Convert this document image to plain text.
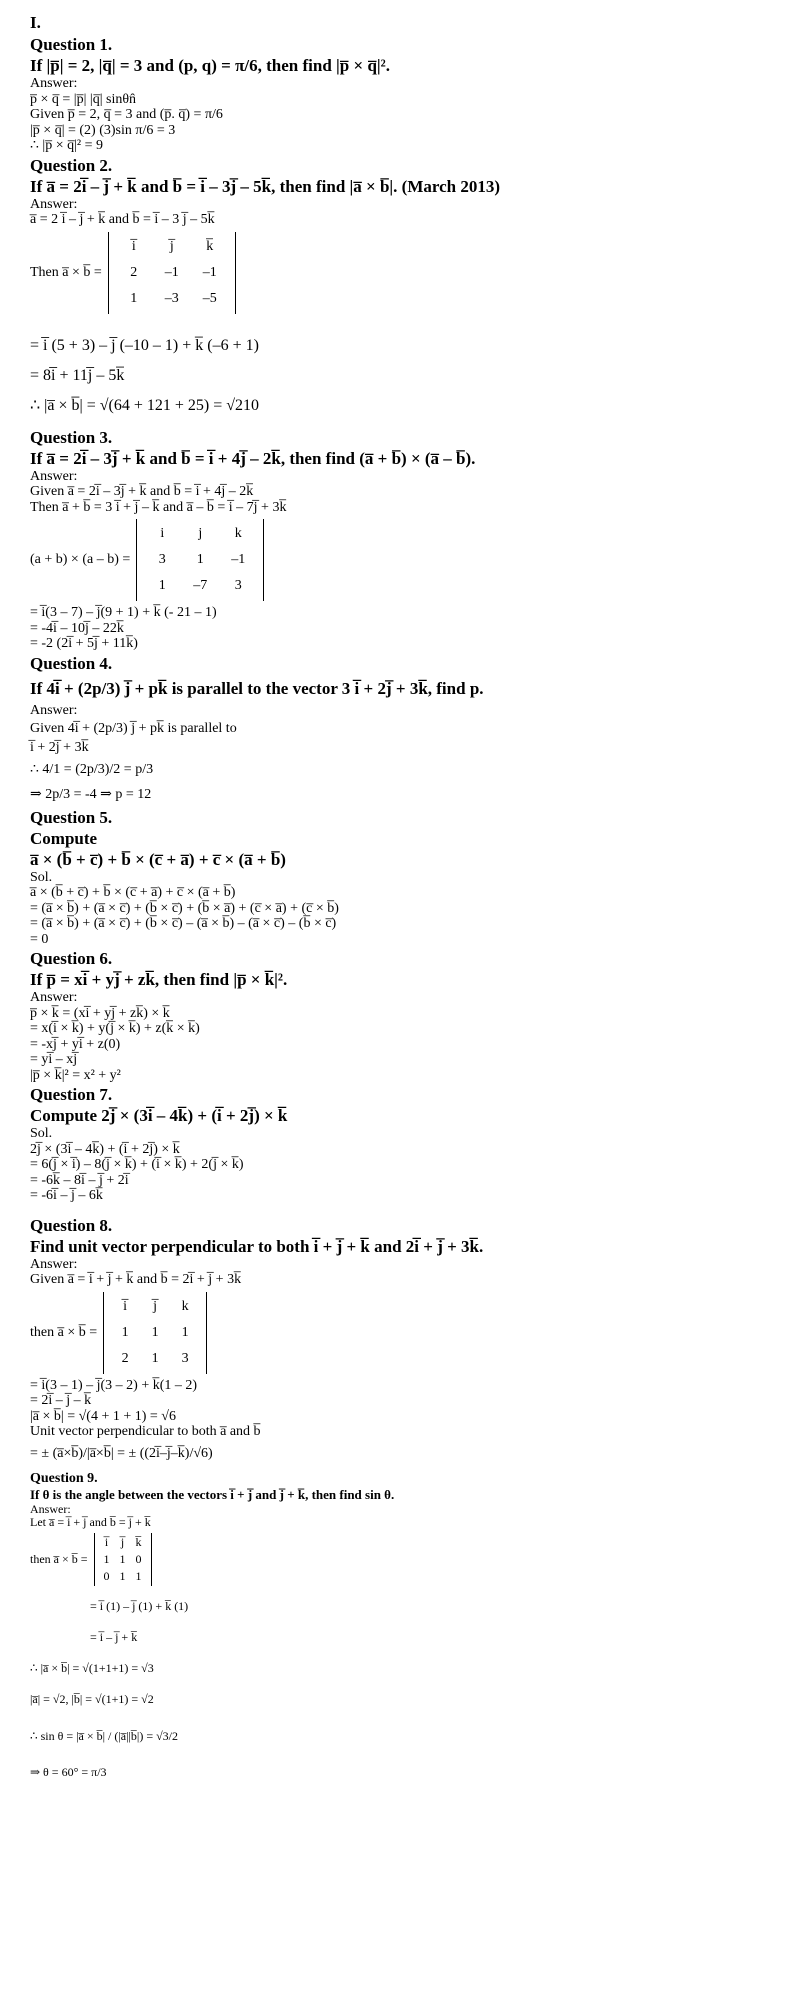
I.
Question 1.
If |p̅| = 2, |q̅| = 3 and (p, q) = π/6, then find |p̅ × q̅|².
Answer:
p̅ × q̅ = |p̅| |q̅| sinθn̂
Given p̅ = 2, q̅ = 3 and (p̅. q̅) = π/6
|p̅ × q̅| = (2) (3)sin π/6 = 3
∴ |p̅ × q̅|² = 9
Question 2.
If a̅ = 2i̅ – j̅ + k̅ and b̅ = i̅ – 3j̅ – 5k̅, then find |a̅ × b̅|. (March 2013)
Answer:
a̅ = 2 i̅ – j̅ + k̅ and b̅ = i̅ – 3 j̅ – 5k̅
Then a̅ × b̅ =
i̅	j̅	k̅
2	–1	–1
1	–3	–5
= i̅ (5 + 3) – j̅ (–10 – 1) + k̅ (–6 + 1)
= 8i̅ + 11j̅ – 5k̅
∴ |a̅ × b̅| = √(64 + 121 + 25) = √210
Question 3.
If a̅ = 2i̅ – 3j̅ + k̅ and b̅ = i̅ + 4j̅ – 2k̅, then find (a̅ + b̅) × (a̅ – b̅).
Answer:
Given a̅ = 2i̅ – 3j̅ + k̅ and b̅ = i̅ + 4j̅ – 2k̅
Then a̅ + b̅ = 3 i̅ + j̅ – k̅ and a̅ – b̅ = i̅ – 7j̅ + 3k̅
(a + b) × (a – b) =
i	j	k
3	1	–1
1	–7	3
= i̅(3 – 7) – j̅(9 + 1) + k̅ (- 21 – 1)
= -4i̅ – 10j̅ – 22k̅
= -2 (2i̅ + 5j̅ + 11k̅)
Question 4.
If 4i̅ + (2p/3) j̅ + pk̅ is parallel to the vector 3 i̅ + 2j̅ + 3k̅, find p.
Answer:
Given 4i̅ + (2p/3) j̅ + pk̅ is parallel to
i̅ + 2j̅ + 3k̅
∴ 4/1 = (2p/3)/2 = p/3
⇒ 2p/3 = -4 ⇒ p = 12
Question 5.
Compute
a̅ × (b̅ + c̅) + b̅ × (c̅ + a̅) + c̅ × (a̅ + b̅)
Sol.
a̅ × (b̅ + c̅) + b̅ × (c̅ + a̅) + c̅ × (a̅ + b̅)
= (a̅ × b̅) + (a̅ × c̅) + (b̅ × c̅) + (b̅ × a̅) + (c̅ × a̅) + (c̅ × b̅)
= (a̅ × b̅) + (a̅ × c̅) + (b̅ × c̅) – (a̅ × b̅) – (a̅ × c̅) – (b̅ × c̅)
= 0
Question 6.
If p̅ = xi̅ + yj̅ + zk̅, then find |p̅ × k̅|².
Answer:
p̅ × k̅ = (xi̅ + yj̅ + zk̅) × k̅
= x(i̅ × k̅) + y(j̅ × k̅) + z(k̅ × k̅)
= -xj̅ + yi̅ + z(0)
= yi̅ – xj̅
|p̅ × k̅|² = x² + y²
Question 7.
Compute 2j̅ × (3i̅ – 4k̅) + (i̅ + 2j̅) × k̅
Sol.
2j̅ × (3i̅ – 4k̅) + (i̅ + 2j̅) × k̅
= 6(j̅ × i̅) – 8(j̅ × k̅) + (i̅ × k̅) + 2(j̅ × k̅)
= -6k̅ – 8i̅ – j̅ + 2i̅
= -6i̅ – j̅ – 6k̅
Question 8.
Find unit vector perpendicular to both i̅ + j̅ + k̅ and 2i̅ + j̅ + 3k̅.
Answer:
Given a̅ = i̅ + j̅ + k̅ and b̅ = 2i̅ + j̅ + 3k̅
then a̅ × b̅ =
i̅	j̅	k
1	1	1
2	1	3
= i̅(3 – 1) – j̅(3 – 2) + k̅(1 – 2)
= 2i̅ – j̅ – k̅
|a̅ × b̅| = √(4 + 1 + 1) = √6
Unit vector perpendicular to both a̅ and b̅
= ± (a̅×b̅)/|a̅×b̅| = ± ((2i̅–j̅–k̅)/√6)
Question 9.
If θ is the angle between the vectors i̅ + j̅ and j̅ + k̅, then find sin θ.
Answer:
Let a̅ = i̅ + j̅ and b̅ = j̅ + k̅
then a̅ × b̅ =
i̅	j̅ k̅
1 1 0
0 1 1
= i̅ (1) – j̅ (1) + k̅ (1)
= i̅ – j̅ + k̅
∴ |a̅ × b̅| = √(1+1+1) = √3
|a̅| = √2, |b̅| = √(1+1) = √2
∴ sin θ = |a̅ × b̅| / (|a̅||b̅|) = √3/2
⇒ θ = 60° = π/3
